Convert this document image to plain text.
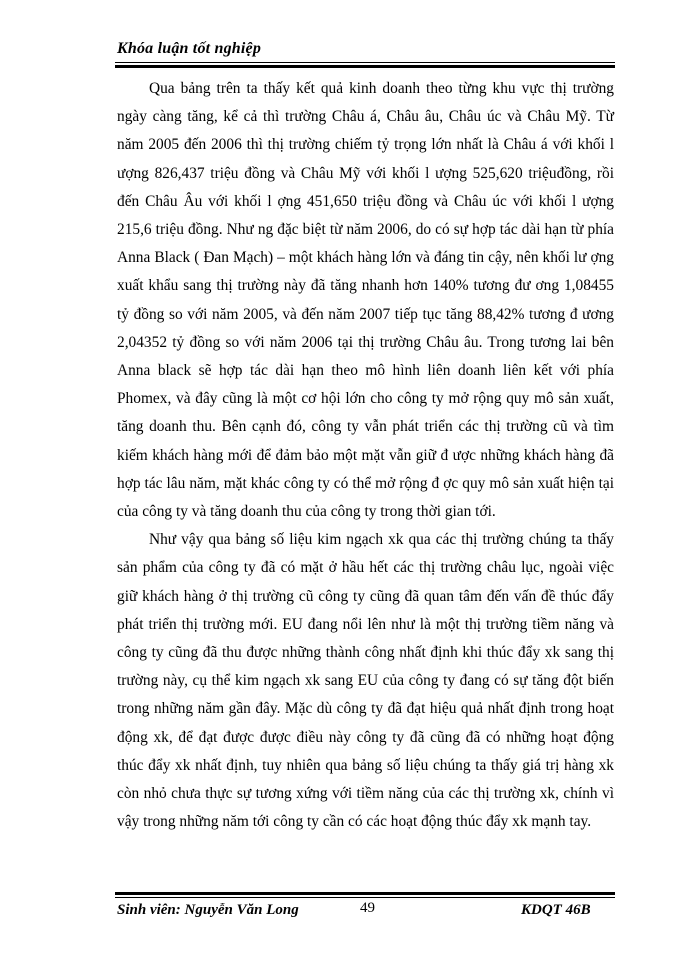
Khóa luận tốt nghiệp

Qua bảng trên ta thấy kết quả kinh doanh theo từng khu vực thị trường ngày càng tăng, kể cả thì trường Châu á, Châu âu, Châu úc và Châu Mỹ. Từ năm 2005 đến 2006 thì thị trường chiếm tỷ trọng lớn nhất là Châu á với khối l ượng 826,437 triệu đồng và Châu Mỹ với khối l ượng 525,620 triệuđồng, rồi đến Châu Âu với khối l ợng 451,650 triệu đồng và Châu úc với khối l ượng 215,6 triệu đồng. Như ng đặc biệt từ năm 2006, do có sự hợp tác dài hạn từ phía Anna Black ( Đan Mạch) – một khách hàng lớn và đáng tin cậy, nên khối lư ợng xuất khẩu sang thị trường này đã tăng nhanh hơn 140% tương đư ơng 1,08455 tỷ đồng so với năm 2005, và đến năm 2007 tiếp tục tăng 88,42% tương đ ương 2,04352 tỷ đồng so với năm 2006 tại thị trường Châu âu. Trong tương lai bên Anna black sẽ hợp tác dài hạn theo mô hình liên doanh liên kết với phía Phomex, và đây cũng là một cơ hội lớn cho công ty mở rộng quy mô sản xuất, tăng doanh thu. Bên cạnh đó, công ty vẫn phát triển các thị trường cũ và tìm kiếm khách hàng mới để đảm bảo một mặt vẫn giữ đ ược những khách hàng đã hợp tác lâu năm, mặt khác công ty có thể mở rộng đ ợc quy mô sản xuất hiện tại của công ty và tăng doanh thu của công ty trong thời gian tới.

Như vậy qua bảng số liệu kim ngạch xk qua các thị trường chúng ta thấy sản phẩm của công ty đã có mặt ở hầu hết các thị trường châu lục, ngoài việc giữ khách hàng ở thị trường cũ công ty cũng đã quan tâm đến vấn đề thúc đẩy phát triển thị trường mới. EU đang nổi lên như là một thị trường tiềm năng và công ty cũng đã thu được những thành công nhất định khi thúc đẩy xk sang thị trường này, cụ thể kim ngạch xk sang EU của công ty đang có sự tăng đột biến trong những năm gần đây. Mặc dù công ty đã đạt hiệu quả nhất định trong hoạt động xk, để đạt được được điều này công ty đã cũng đã có những hoạt động thúc đẩy xk nhất định, tuy nhiên qua bảng số liệu chúng ta thấy giá trị hàng xk còn nhỏ chưa thực sự tương xứng với tiềm năng của các thị trường xk, chính vì vậy trong những năm tới công ty cần có các hoạt động thúc đẩy xk mạnh tay.

Sinh viên: Nguyễn Văn Long	49	KDQT 46B
